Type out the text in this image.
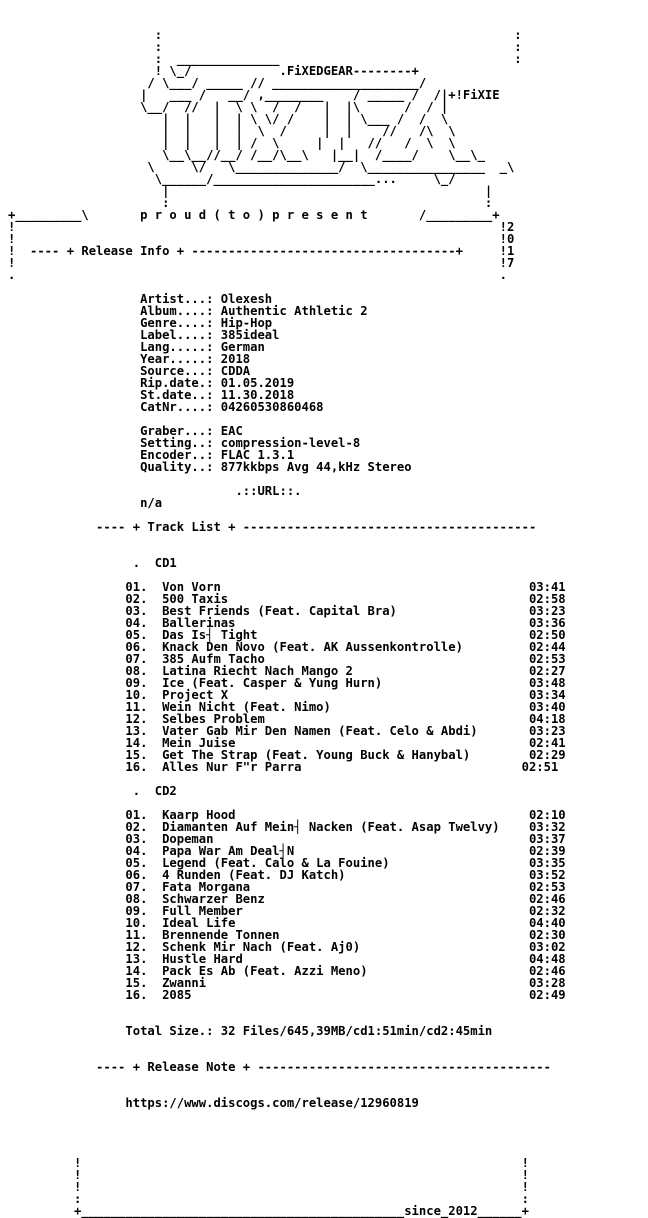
:                                                :
:                                                :
:  ______________                                :
! \_/            .FiXEDGEAR--------+
/ \___/ _____ // ____________________/
|   ___ /   __/ ,________    / _____ /  /|+!FiXIE
\__/  //  |  \ \  /  /   |  |\      /  / |
|  |   |  | \ \/ /    |  | \___ /  /  \
|  |   |  |  \  /     |  |    //   /\  \
|  |   |  | /  \     |  |   //   /  \  \
\__\__//__/ /__/\__\   |__|  /____/    \__\_
\     \/   \______________/  \________________  _\
\______/______________________...     \_/
|                                           |
:                                           :
+_________\       p r o u d ( t o ) p r e s e n t       /_________+
!                                                                  !2
!                                                                  !0
!  ---- + Release Info + ------------------------------------+     !1
!                                                                  !7
.                                                                  .

Artist...: Olexesh
Album....: Authentic Athletic 2
Genre....: Hip-Hop
Label....: 385ideal
Lang.....: German
Year.....: 2018
Source...: CDDA
Rip.date.: 01.05.2019
St.date..: 11.30.2018
CatNr....: 04260530860468
Graber...: EAC
Setting..: compression-level-8
Encoder..: FLAC 1.3.1
Quality..: 877kkbps Avg 44,kHz Stereo
.::URL::.
n/a
---- + Track List + ----------------------------------------
.  CD1
01.  Von Vorn                                          03:41
02.  500 Taxis                                         02:58
03.  Best Friends (Feat. Capital Bra)                  03:23
04.  Ballerinas                                        03:36
05.  Das Is┤ Tight                                     02:50
06.  Knack Den Novo (Feat. AK Aussenkontrolle)         02:44
07.  385 Aufm Tacho                                    02:53
08.  Latina Riecht Nach Mango 2                        02:27
09.  Ice (Feat. Casper & Yung Hurn)                    03:48
10.  Project X                                         03:34
11.  Wein Nicht (Feat. Nimo)                           03:40
12.  Selbes Problem                                    04:18
13.  Vater Gab Mir Den Namen (Feat. Celo & Abdi)       03:23
14.  Mein Juise                                        02:41
15.  Get The Strap (Feat. Young Buck & Hanybal)        02:29
16.  Alles Nur F"r Parra                              02:51
.  CD2
01.  Kaarp Hood                                        02:10
02.  Diamanten Auf Mein┤ Nacken (Feat. Asap Twelvy)    03:32
03.  Dopeman                                           03:37
04.  Papa War Am Deal┤N                                02:39
05.  Legend (Feat. Calo & La Fouine)                   03:35
06.  4 Runden (Feat. DJ Katch)                         03:52
07.  Fata Morgana                                      02:53
08.  Schwarzer Benz                                    02:46
09.  Full Member                                       02:32
10.  Ideal Life                                        04:40
11.  Brennende Tonnen                                  02:30
12.  Schenk Mir Nach (Feat. Aj0)                       03:02
13.  Hustle Hard                                       04:48
14.  Pack Es Ab (Feat. Azzi Meno)                      02:46
15.  Zwanni                                            03:28
16.  2085                                              02:49
Total Size.: 32 Files/645,39MB/cd1:51min/cd2:45min
---- + Release Note + ----------------------------------------
https://www.discogs.com/release/12960819
!                                                            !
!                                                            !
!                                                            !
:                                                            :
+____________________________________________since_2012______+
